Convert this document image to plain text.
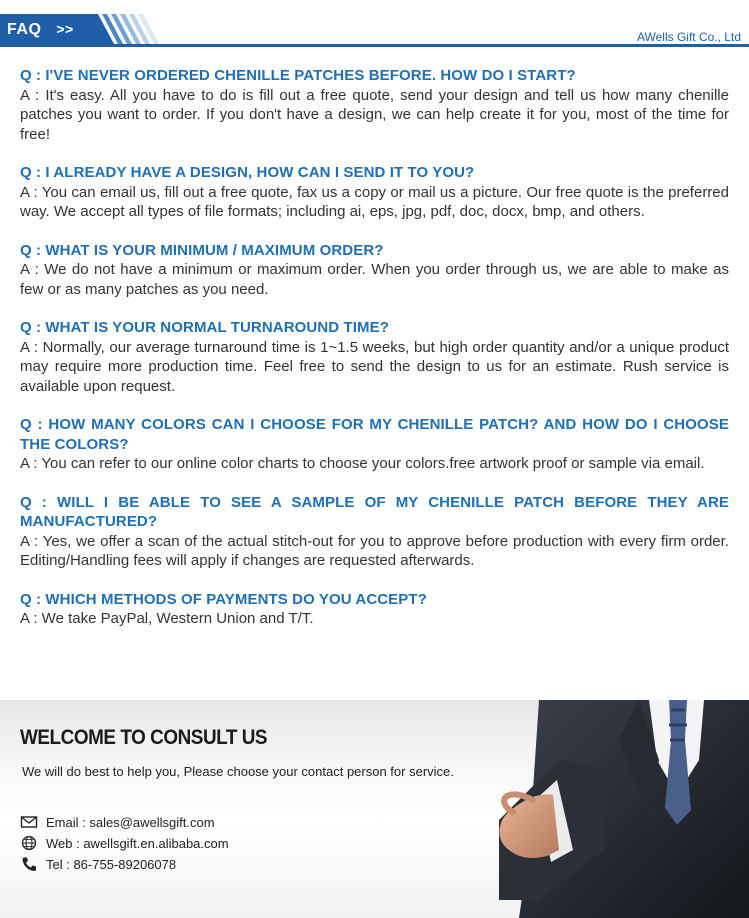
FAQ >>	AWells Gift Co., Ltd
Q : I'VE NEVER ORDERED CHENILLE PATCHES BEFORE. HOW DO I START?
A : It's easy. All you have to do is fill out a free quote, send your design and tell us how many chenille patches you want to order. If you don't have a design, we can help create it for you, most of the time for free!
Q : I ALREADY HAVE A DESIGN, HOW CAN I SEND IT TO YOU?
A : You can email us, fill out a free quote, fax us a copy or mail us a picture. Our free quote is the preferred way. We accept all types of file formats; including ai, eps, jpg, pdf, doc, docx, bmp, and others.
Q : WHAT IS YOUR MINIMUM / MAXIMUM ORDER?
A : We do not have a minimum or maximum order. When you order through us, we are able to make as few or as many patches as you need.
Q : WHAT IS YOUR NORMAL TURNAROUND TIME?
A : Normally, our average turnaround time is 1~1.5 weeks, but high order quantity and/or a unique product may require more production time. Feel free to send the design to us for an estimate. Rush service is available upon request.
Q : HOW MANY COLORS CAN I CHOOSE FOR MY CHENILLE PATCH? AND HOW DO I CHOOSE THE COLORS?
A : You can refer to our online color charts to choose your colors.free artwork proof or sample via email.
Q : WILL I BE ABLE TO SEE A SAMPLE OF MY CHENILLE PATCH BEFORE THEY ARE MANUFACTURED?
A : Yes, we offer a scan of the actual stitch-out for you to approve before production with every firm order. Editing/Handling fees will apply if changes are requested afterwards.
Q : WHICH METHODS OF PAYMENTS DO YOU ACCEPT?
A : We take PayPal, Western Union and T/T.
WELCOME TO CONSULT US
We will do best to help you, Please choose your contact person for service.
Email : sales@awellsgift.com
Web : awellsgift.en.alibaba.com
Tel : 86-755-89206078
